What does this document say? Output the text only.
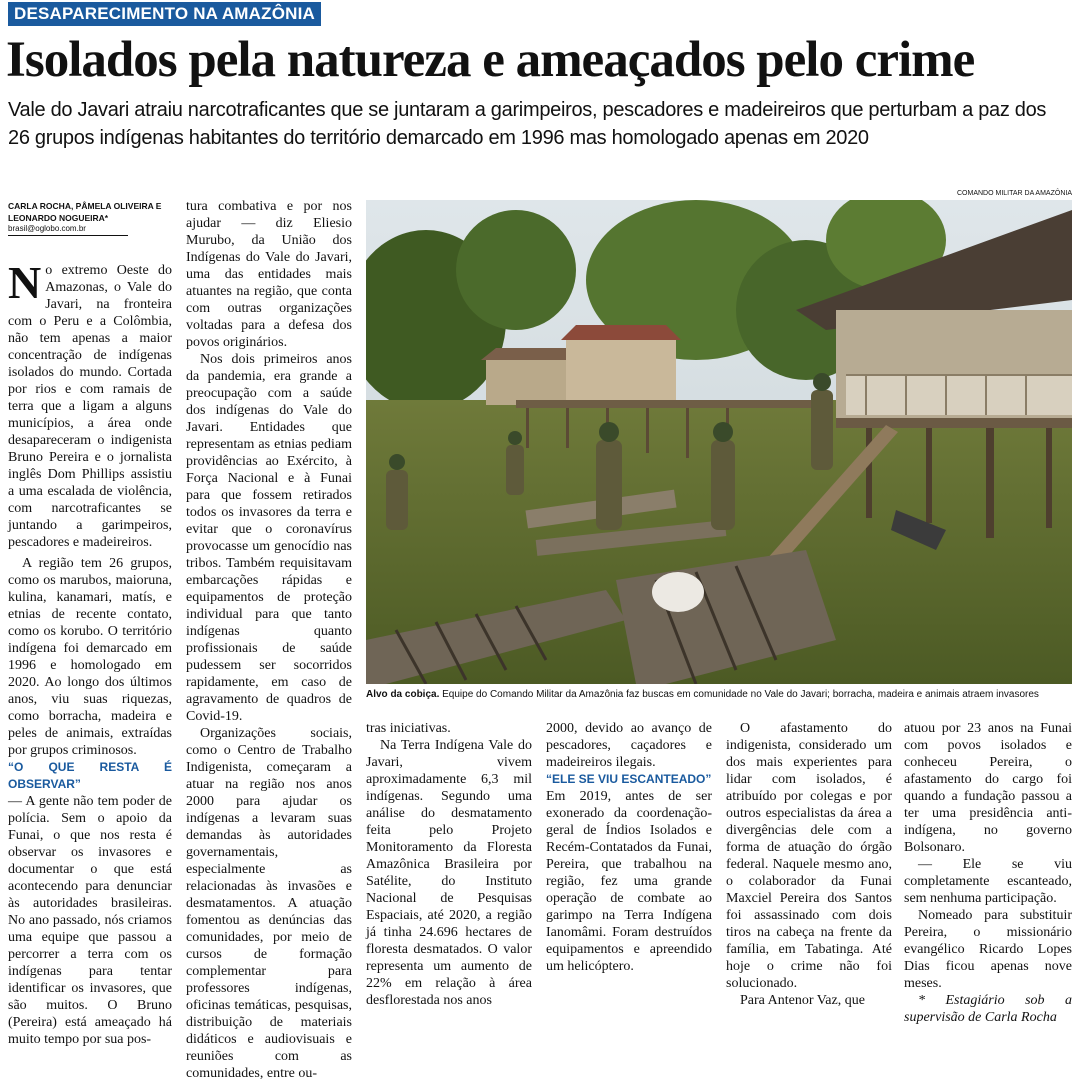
DESAPARECIMENTO NA AMAZÔNIA
Isolados pela natureza e ameaçados pelo crime

Vale do Javari atraiu narcotraficantes que se juntaram a garimpeiros, pescadores e madeireiros que perturbam a paz dos 26 grupos indígenas habitantes do território demarcado em 1996 mas homologado apenas em 2020

CARLA ROCHA, PÂMELA OLIVEIRA E LEONARDO NOGUEIRA*
brasil@oglobo.com.br

No extremo Oeste do Amazonas, o Vale do Javari, na fronteira com o Peru e a Colômbia, não tem apenas a maior concentração de indígenas isolados do mundo. Cortada por rios e com ramais de terra que a ligam a alguns municípios, a área onde desapareceram o indigenista Bruno Pereira e o jornalista inglês Dom Phillips assistiu a uma escalada de violência, com narcotraficantes se juntando a garimpeiros, pescadores e madeireiros.

A região tem 26 grupos, como os marubos, maioruna, kulina, kanamari, matís, e etnias de recente contato, como os korubo. O território indígena foi demarcado em 1996 e homologado em 2020. Ao longo dos últimos anos, viu suas riquezas, como borracha, madeira e peles de animais, extraídas por grupos criminosos.

“O QUE RESTA É OBSERVAR”

— A gente não tem poder de polícia. Sem o apoio da Funai, o que nos resta é observar os invasores e documentar o que está acontecendo para denunciar às autoridades brasileiras. No ano passado, nós criamos uma equipe que passou a percorrer a terra com os indígenas para tentar identificar os invasores, que são muitos. O Bruno (Pereira) está ameaçado há muito tempo por sua pos-

tura combativa e por nos ajudar — diz Eliesio Murubo, da União dos Indígenas do Vale do Javari, uma das entidades mais atuantes na região, que conta com outras organizações voltadas para a defesa dos povos originários.

Nos dois primeiros anos da pandemia, era grande a preocupação com a saúde dos indígenas do Vale do Javari. Entidades que representam as etnias pediam providências ao Exército, à Força Nacional e à Funai para que fossem retirados todos os invasores da terra e evitar que o coronavírus provocasse um genocídio nas tribos. Também requisitavam embarcações rápidas e equipamentos de proteção individual para que tanto indígenas quanto profissionais de saúde pudessem ser socorridos rapidamente, em caso de agravamento de quadros de Covid-19.

Organizações sociais, como o Centro de Trabalho Indigenista, começaram a atuar na região nos anos 2000 para ajudar os indígenas a levaram suas demandas às autoridades governamentais, especialmente as relacionadas às invasões e desmatamentos. A atuação fomentou as denúncias das comunidades, por meio de cursos de formação complementar para professores indígenas, oficinas temáticas, pesquisas, distribuição de materiais didáticos e audiovisuais e reuniões com as comunidades, entre ou-

COMANDO MILITAR DA AMAZÔNIA
Alvo da cobiça. Equipe do Comando Militar da Amazônia faz buscas em comunidade no Vale do Javari; borracha, madeira e animais atraem invasores

tras iniciativas.

Na Terra Indígena Vale do Javari, vivem aproximadamente 6,3 mil indígenas. Segundo uma análise do desmatamento feita pelo Projeto Monitoramento da Floresta Amazônica Brasileira por Satélite, do Instituto Nacional de Pesquisas Espaciais, até 2020, a região já tinha 24.696 hectares de floresta desmatados. O valor representa um aumento de 22% em relação à área desflorestada nos anos

2000, devido ao avanço de pescadores, caçadores e madeireiros ilegais.

“ELE SE VIU ESCANTEADO”

Em 2019, antes de ser exonerado da coordenação-geral de Índios Isolados e Recém-Contatados da Funai, Pereira, que trabalhou na região, fez uma grande operação de combate ao garimpo na Terra Indígena Ianomâmi. Foram destruídos equipamentos e apreendido um helicóptero.

O afastamento do indigenista, considerado um dos mais experientes para lidar com isolados, é atribuído por colegas e por outros especialistas da área a divergências dele com a forma de atuação do órgão federal. Naquele mesmo ano, o colaborador da Funai Maxciel Pereira dos Santos foi assassinado com dois tiros na cabeça na frente da família, em Tabatinga. Até hoje o crime não foi solucionado.

Para Antenor Vaz, que

atuou por 23 anos na Funai com povos isolados e conheceu Pereira, o afastamento do cargo foi quando a fundação passou a ter uma presidência anti-indígena, no governo Bolsonaro.

— Ele se viu completamente escanteado, sem nenhuma participação.

Nomeado para substituir Pereira, o missionário evangélico Ricardo Lopes Dias ficou apenas nove meses.

* Estagiário sob a supervisão de Carla Rocha
